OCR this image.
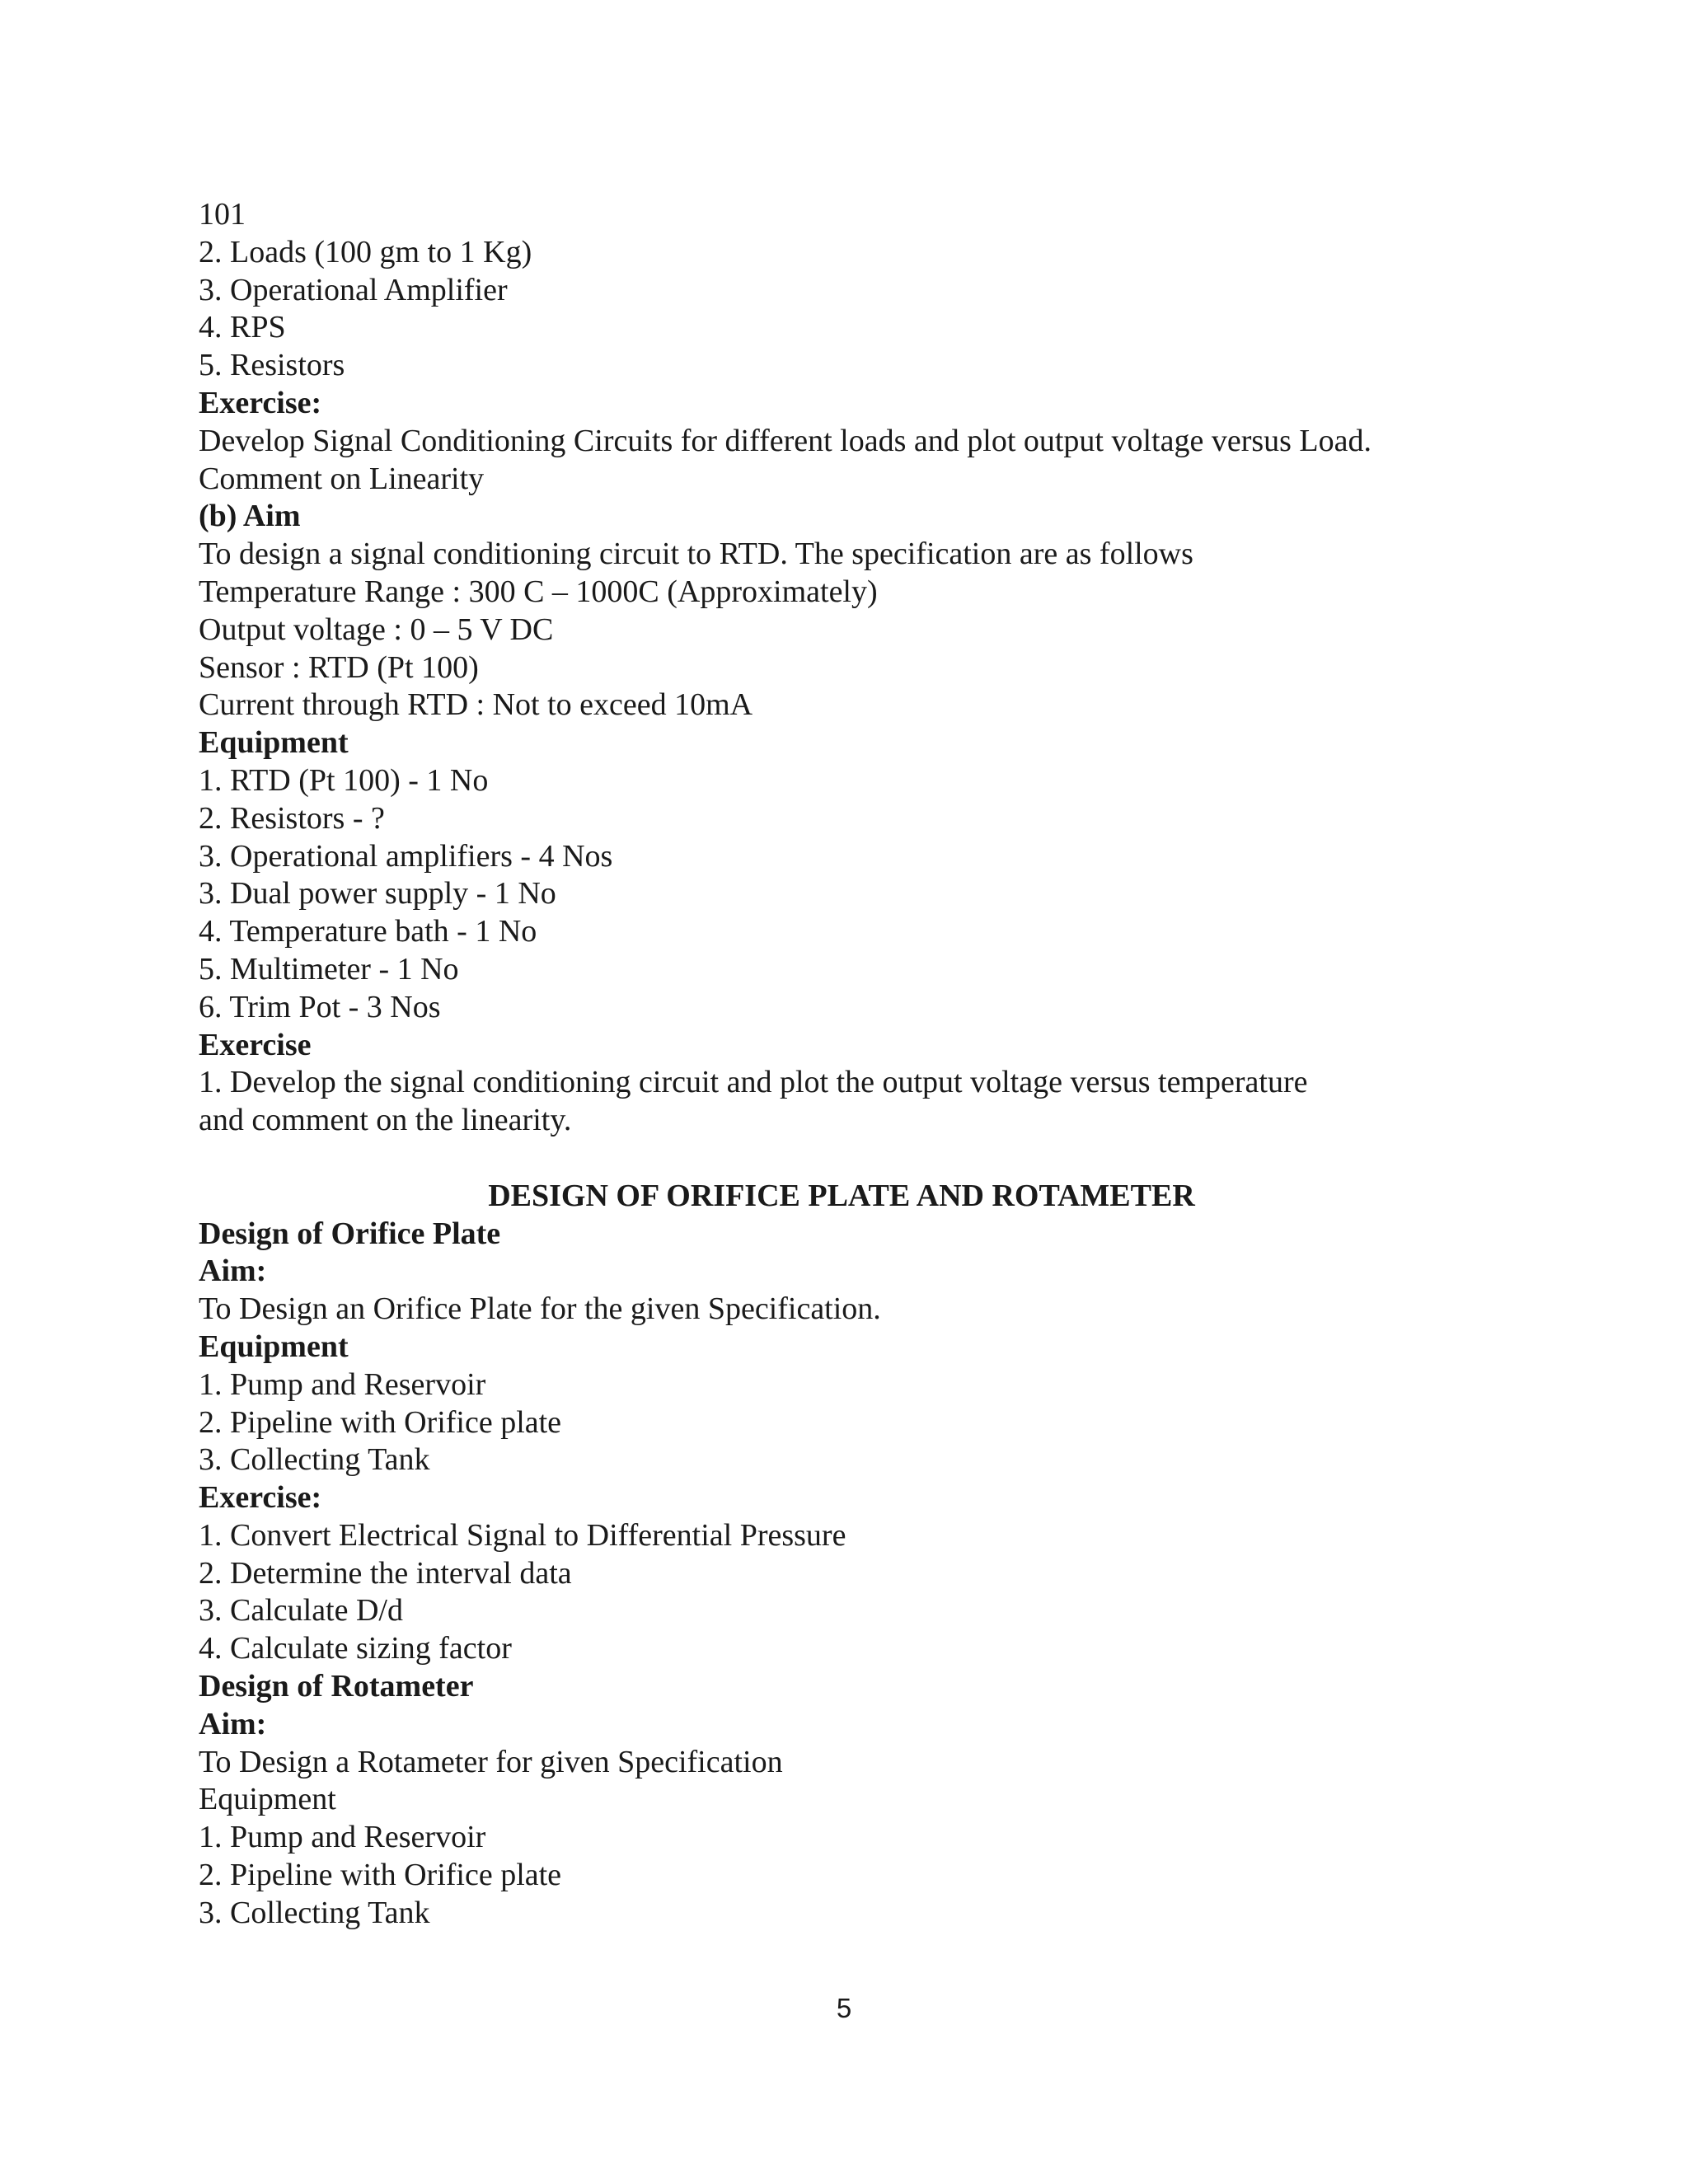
101
2. Loads (100 gm to 1 Kg)
3. Operational Amplifier
4. RPS
5. Resistors
Exercise:
Develop Signal Conditioning Circuits for different loads and plot output voltage versus Load.
Comment on Linearity
(b) Aim
To design a signal conditioning circuit to RTD. The specification are as follows
Temperature Range : 300 C – 1000C (Approximately)
Output voltage : 0 – 5 V DC
Sensor : RTD (Pt 100)
Current through RTD : Not to exceed 10mA
Equipment
1. RTD (Pt 100) - 1 No
2. Resistors - ?
3. Operational amplifiers - 4 Nos
3. Dual power supply - 1 No
4. Temperature bath - 1 No
5. Multimeter - 1 No
6. Trim Pot - 3 Nos
Exercise
1. Develop the signal conditioning circuit and plot the output voltage versus temperature
and comment on the linearity.
DESIGN OF ORIFICE PLATE AND ROTAMETER
Design of Orifice Plate
Aim:
To Design an Orifice Plate for the given Specification.
Equipment
1. Pump and Reservoir
2. Pipeline with Orifice plate
3. Collecting Tank
Exercise:
1. Convert Electrical Signal to Differential Pressure
2. Determine the interval data
3. Calculate D/d
4. Calculate sizing factor
Design of Rotameter
Aim:
To Design a Rotameter for given Specification
Equipment
1. Pump and Reservoir
2. Pipeline with Orifice plate
3. Collecting Tank
5
